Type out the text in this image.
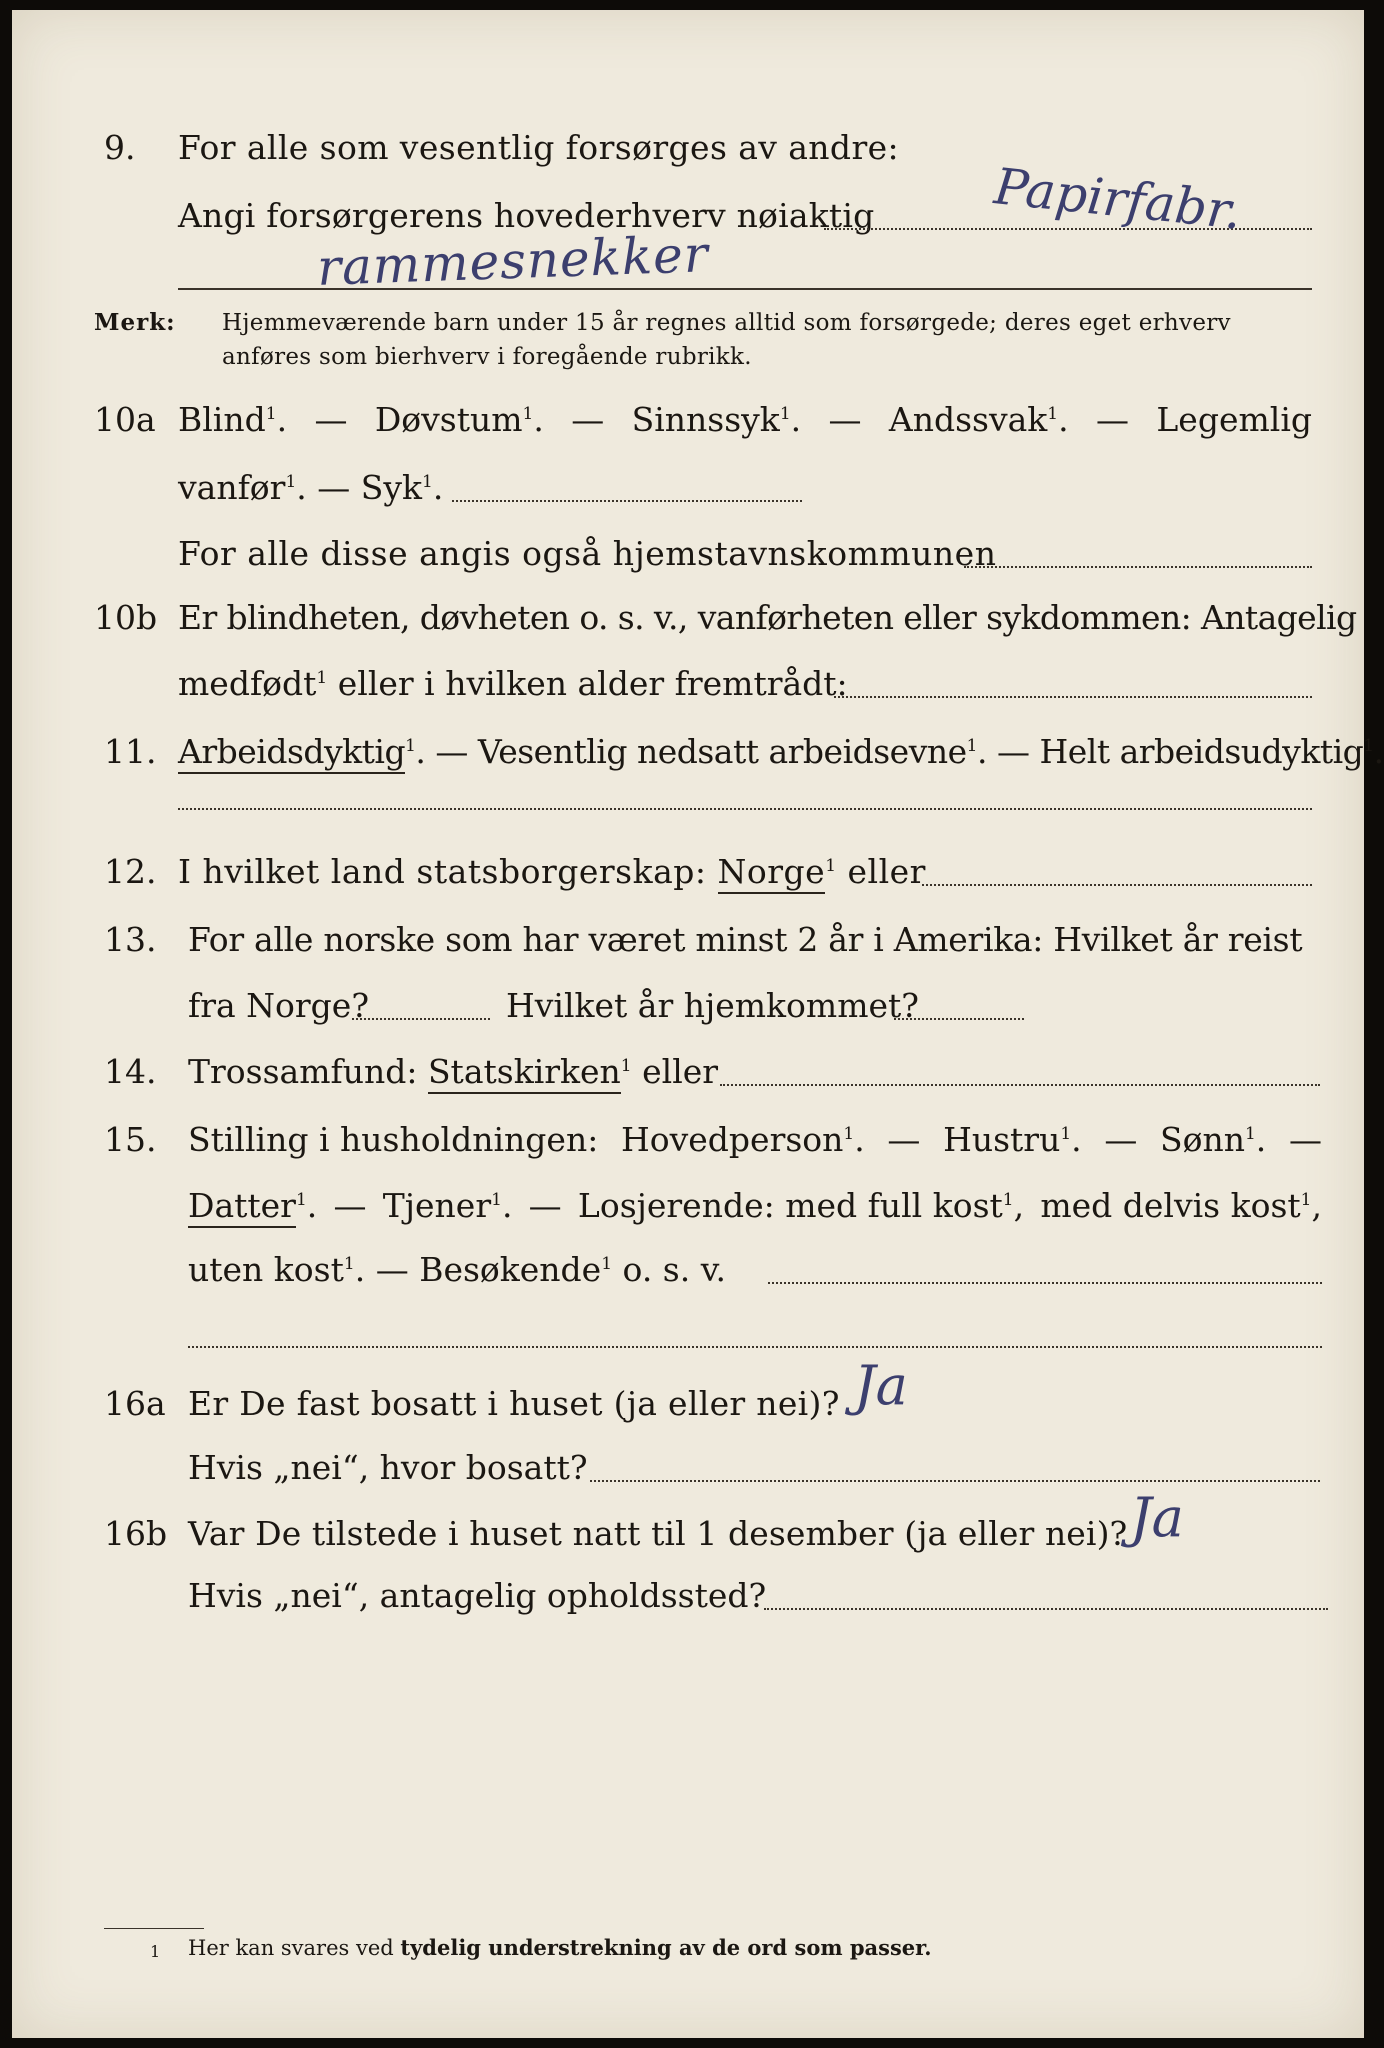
9. For alle som vesentlig forsørges av andre:
Angi forsørgerens hovederhverv nøiaktig Papirfabr.
rammesnekker
Merk: Hjemmeværende barn under 15 år regnes alltid som forsørgede; deres eget erhverv
anføres som bierhverv i foregående rubrikk.
10a Blind$^1$. — Døvstum$^1$. — Sinnssyk$^1$. — Andssvak$^1$. — Legemlig
vanfør$^1$. — Syk$^1$.
For alle disse angis også hjemstavnskommunen
10b Er blindheten, døvheten o. s. v., vanførheten eller sykdommen: Antagelig
medfødt$^1$ eller i hvilken alder fremtrådt:
11. Arbeidsdyktig$^1$. — Vesentlig nedsatt arbeidsevne$^1$. — Helt arbeidsudyktig$^1$.
12. I hvilket land statsborgerskap: Norge$^1$ eller
13. For alle norske som har været minst 2 år i Amerika: Hvilket år reist
fra Norge?	Hvilket år hjemkommet?
14. Trossamfund: Statskirken$^1$ eller
15. Stilling i husholdningen: Hovedperson$^1$. — Hustru$^1$. — Sønn$^1$. —
Datter$^1$. — Tjener$^1$. — Losjerende: med full kost$^1$, med delvis kost$^1$,
uten kost$^1$. — Besøkende$^1$ o. s. v.
16a Er De fast bosatt i huset (ja eller nei)? Ja
Hvis „nei“, hvor bosatt?
16b Var De tilstede i huset natt til 1 desember (ja eller nei)? Ja
Hvis „nei“, antagelig opholdssted?
1 Her kan svares ved tydelig understrekning av de ord som passer.
